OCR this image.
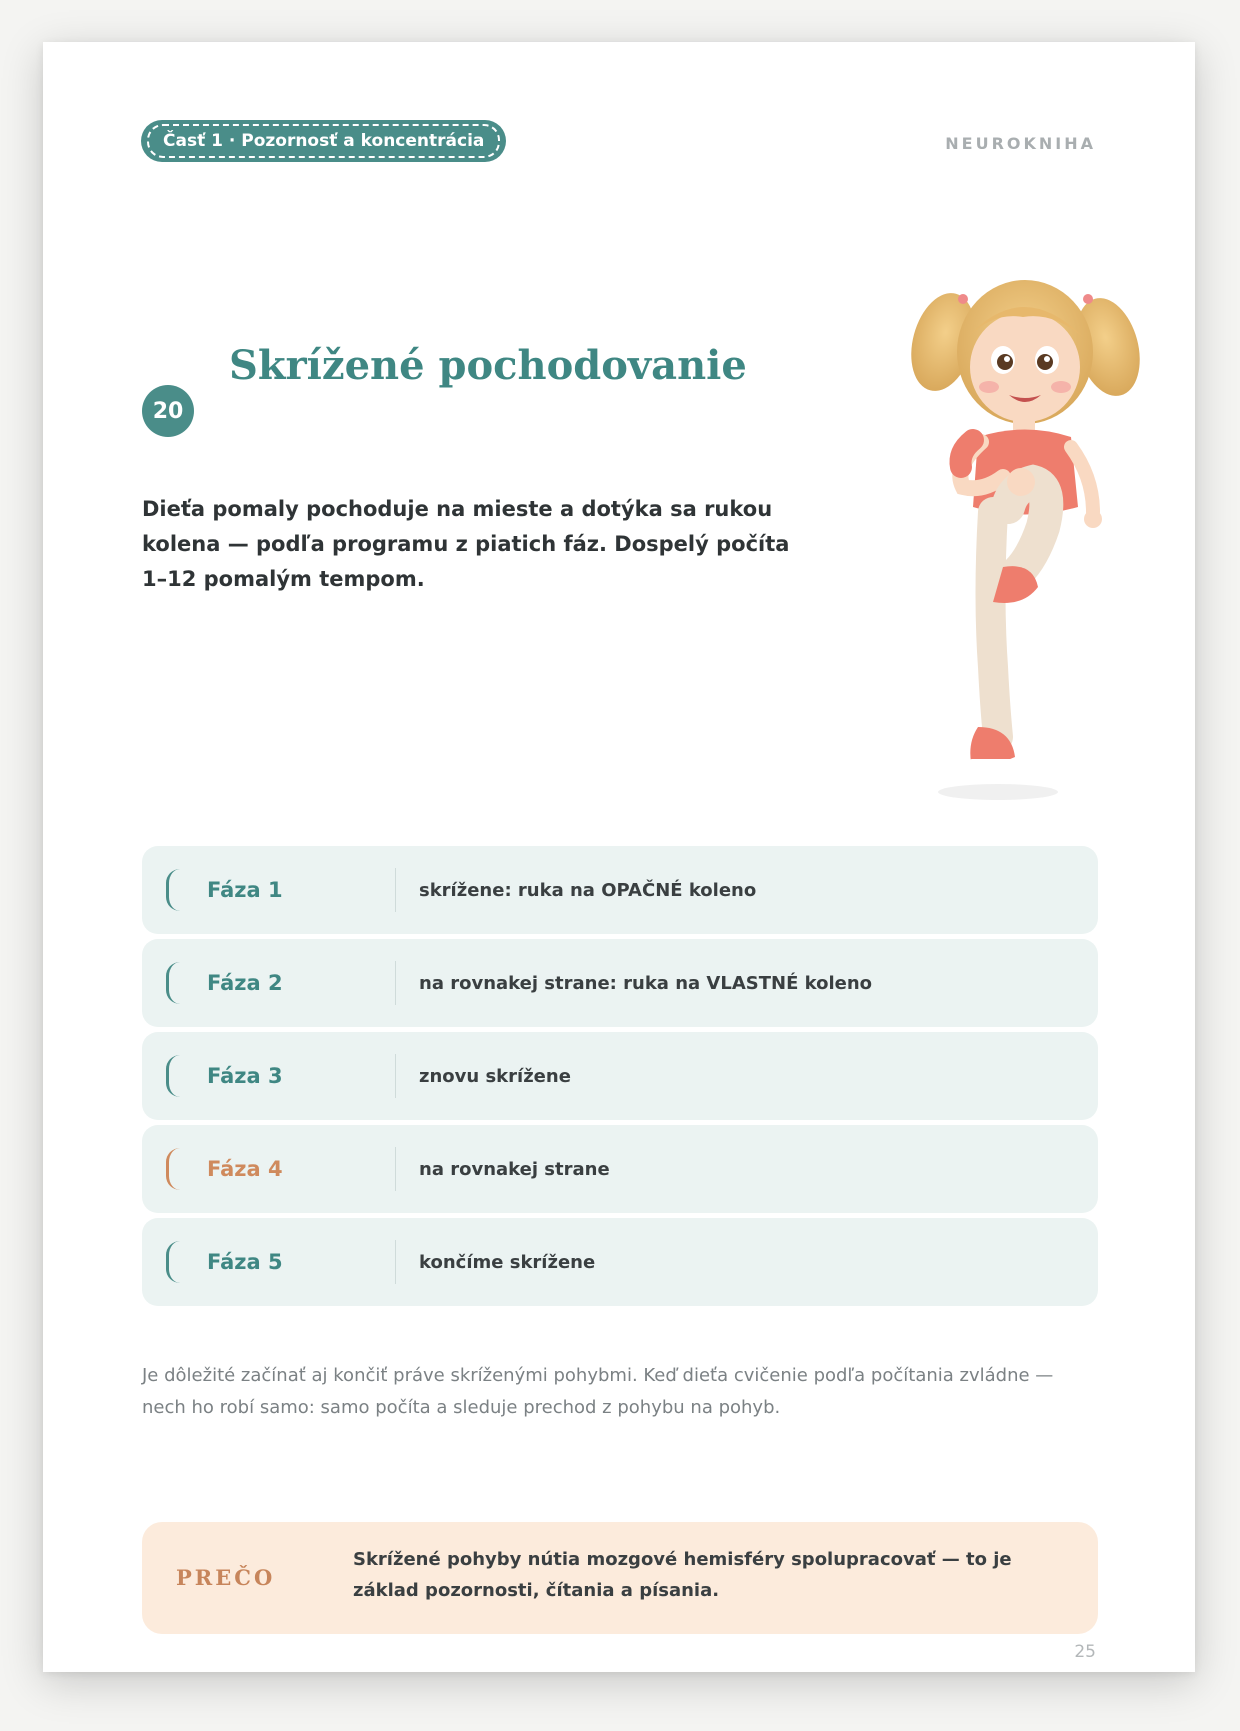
Časť 1 · Pozornosť a koncentrácia	NEUROKNIHA
Skrížené pochodovanie
20
Dieťa pomaly pochoduje na mieste a dotýka sa rukou kolena — podľa programu z piatich fáz. Dospelý počíta 1–12 pomalým tempom.
Fáza 1	skrížene: ruka na OPAČNÉ koleno
Fáza 2	na rovnakej strane: ruka na VLASTNÉ koleno
Fáza 3	znovu skrížene
Fáza 4	na rovnakej strane
Fáza 5	končíme skrížene
Je dôležité začínať aj končiť práve skríženými pohybmi. Keď dieťa cvičenie podľa počítania zvládne — nech ho robí samo: samo počíta a sleduje prechod z pohybu na pohyb.
PREČO
Skrížené pohyby nútia mozgové hemisféry spolupracovať — to je základ pozornosti, čítania a písania.
25
